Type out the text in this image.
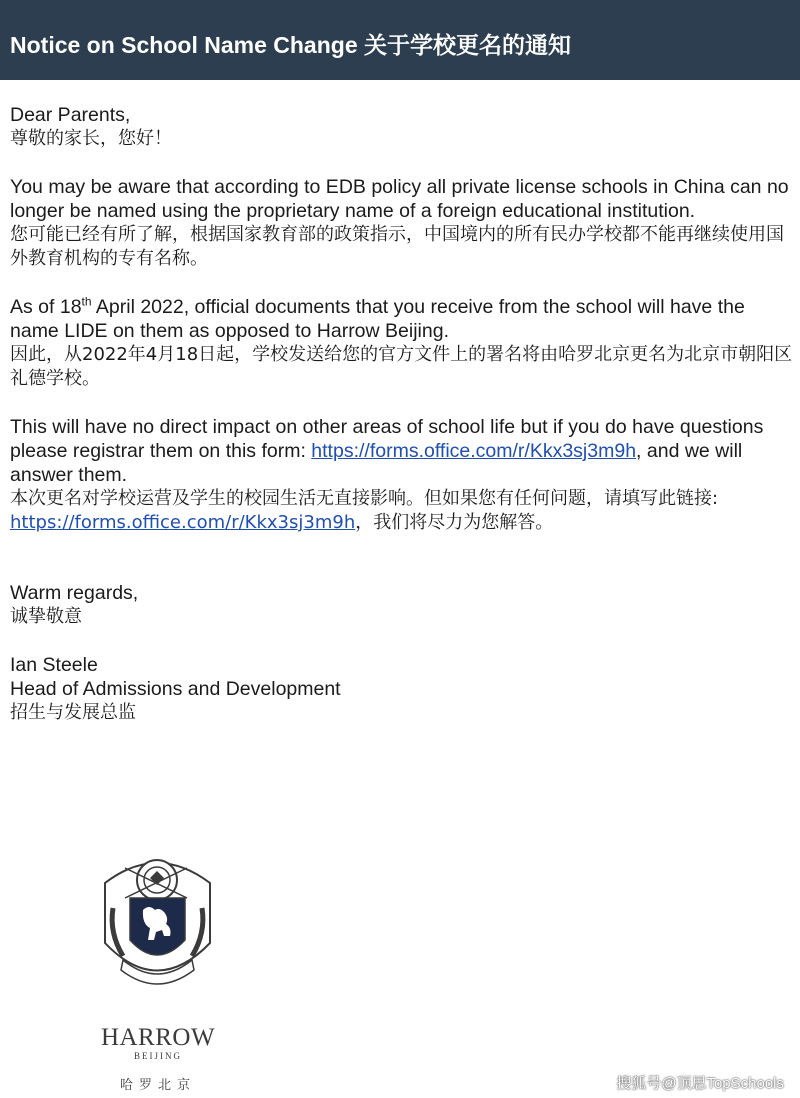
Notice on School Name Change 关于学校更名的通知

Dear Parents,

尊敬的家长，您好！

You may be aware that according to EDB policy all private license schools in China can no longer be named using the proprietary name of a foreign educational institution.

您可能已经有所了解，根据国家教育部的政策指示，中国境内的所有民办学校都不能再继续使用国外教育机构的专有名称。

As of 18th April 2022, official documents that you receive from the school will have the name LIDE on them as opposed to Harrow Beijing.

因此，从2022年4月18日起，学校发送给您的官方文件上的署名将由哈罗北京更名为北京市朝阳区礼德学校。

This will have no direct impact on other areas of school life but if you do have questions please registrar them on this form: https://forms.office.com/r/Kkx3sj3m9h, and we will answer them.

本次更名对学校运营及学生的校园生活无直接影响。但如果您有任何问题，请填写此链接: https://forms.office.com/r/Kkx3sj3m9h，我们将尽力为您解答。

Warm regards,

诚挚敬意

Ian Steele

Head of Admissions and Development

招生与发展总监

HARROW
BEIJING
哈罗北京	搜狐号@顶思TopSchools
